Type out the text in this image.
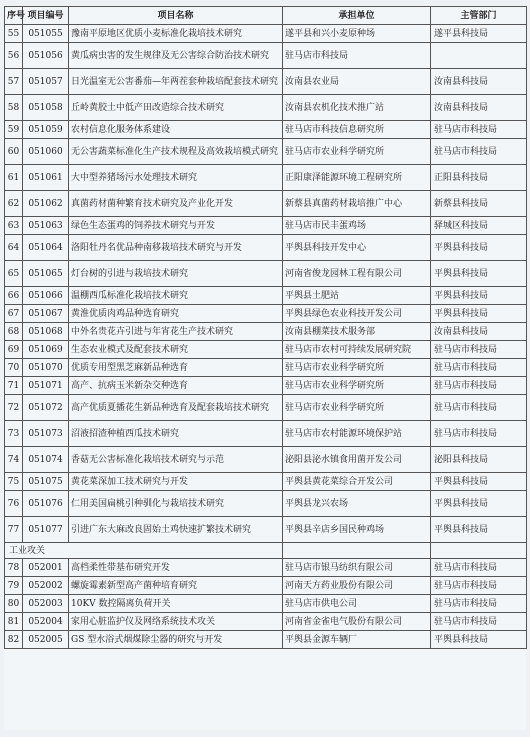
序号	项目编号	项目名称	承担单位	主管部门
55	051055	豫南平原地区优质小麦标准化栽培技术研究	遂平县和兴小麦原种场	遂平县科技局
56	051056	黄瓜病虫害的发生规律及无公害综合防治技术研究	驻马店市科技局	
57	051057	日光温室无公害番茄—年两茬套种栽培配套技术研究	汝南县农业局	汝南县科技局
58	051058	丘岭黄胶土中低产田改造综合技术研究	汝南县农机化技术推广站	汝南县科技局
59	051059	农村信息化服务体系建设	驻马店市科技信息研究所	驻马店市科技局
60	051060	无公害蔬菜标准化生产技术规程及高效栽培模式研究	驻马店市农业科学研究所	驻马店市科技局
61	051061	大中型养猪场污水处理技术研究	正阳康泽能源环境工程研究所	正阳县科技局
62	051062	真菌药材菌种繁育技术研究及产业化开发	新蔡县真菌药材栽培推广中心	新蔡县科技局
63	051063	绿色生态蛋鸡的饲养技术研究与开发	驻马店市民丰蛋鸡场	驿城区科技局
64	051064	洛阳牡丹名优品种南移栽培技术研究与开发	平舆县科技开发中心	平舆县科技局
65	051065	灯台树的引进与栽培技术研究	河南省俊龙园林工程有限公司	平舆县科技局
66	051066	温棚西瓜标准化栽培技术研究	平舆县土肥站	平舆县科技局
67	051067	黄淮优质肉鸡品种选育研究	平舆县绿色农业科技开发公司	平舆县科技局
68	051068	中外名贵花卉引进与年宵花生产技术研究	汝南县棚菜技术服务部	汝南县科技局
69	051069	生态农业模式及配套技术研究	驻马店市农村可持续发展研究院	驻马店市科技局
70	051070	优质专用型黑芝麻新品种选育	驻马店市农业科学研究所	驻马店市科技局
71	051071	高产、抗病玉米新杂交种选育	驻马店市农业科学研究所	驻马店市科技局
72	051072	高产优质夏播花生新品种选育及配套栽培技术研究	驻马店市农业科学研究所	驻马店市科技局
73	051073	沼液招渣种植西瓜技术研究	驻马店市农村能源环境保护站	驻马店市科技局
74	051074	香菇无公害标准化栽培技术研究与示范	泌阳县泌水镇食用菌开发公司	泌阳县科技局
75	051075	黄花菜深加工技术研究与开发	平舆县黄花菜综合开发公司	平舆县科技局
76	051076	仁用美国扁桃引种驯化与栽培技术研究	平舆县龙兴农场	平舆县科技局
77	051077	引进广东大麻改良固始土鸡快速扩繁技术研究	平舆县辛店乡国民种鸡场	平舆县科技局
工业攻关				
78	052001	高档柔性带基布研究开发	驻马店市银马纺织有限公司	驻马店市科技局
79	052002	螺旋霉素新型高产菌种培育研究	河南天方药业股份有限公司	驻马店市科技局
80	052003	10KV 数控隔离负荷开关	驻马店市供电公司	驻马店市科技局
81	052004	家用心脏监护仪及网络系统技术攻关	河南省金雀电气股份有限公司	驻马店市科技局
82	052005	GS 型水浴式烟煤除尘器的研究与开发	平舆县金源车辆厂	平舆县科技局
